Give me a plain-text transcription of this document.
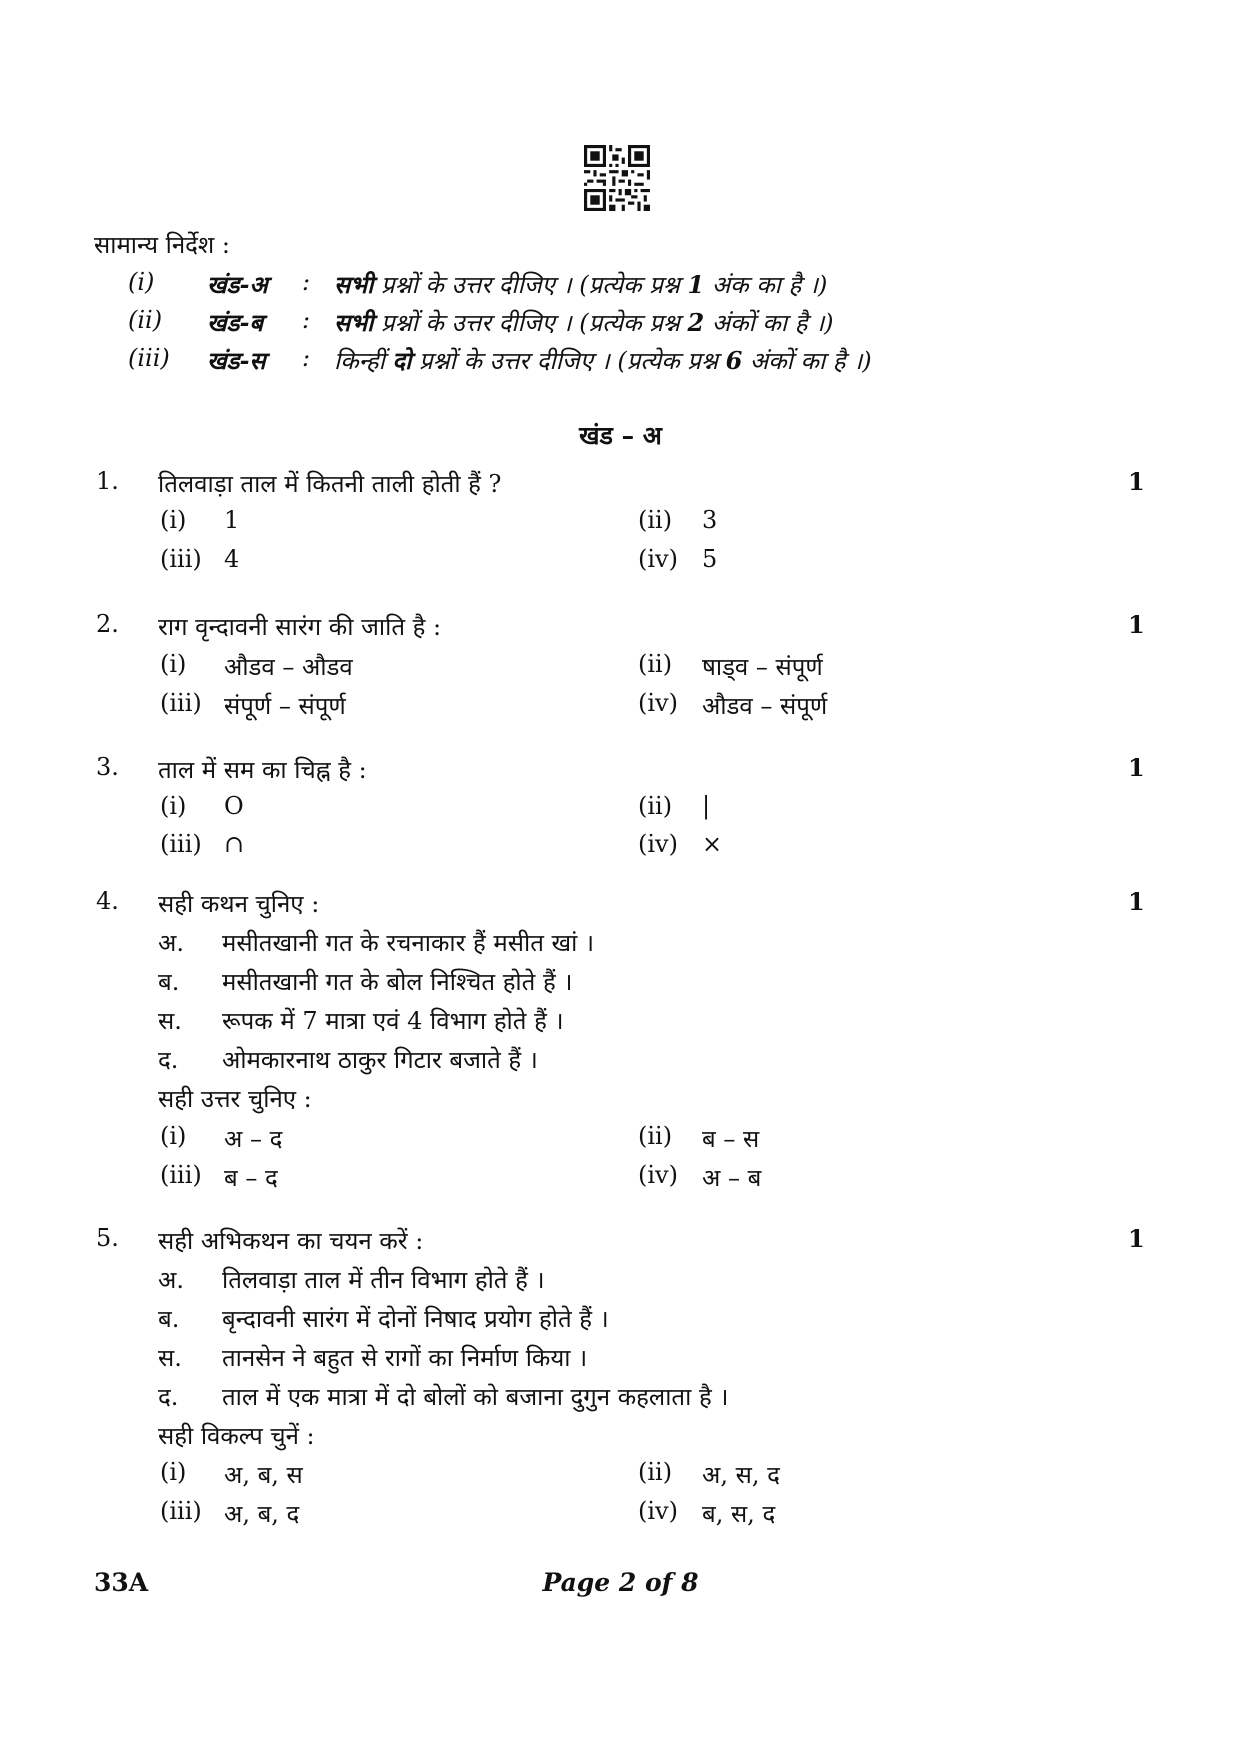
सामान्य निर्देश :
(i) खंड-अ : सभी प्रश्नों के उत्तर दीजिए । (प्रत्येक प्रश्न 1 अंक का है ।)
(ii) खंड-ब : सभी प्रश्नों के उत्तर दीजिए । (प्रत्येक प्रश्न 2 अंकों का है ।)
(iii) खंड-स : किन्हीं दो प्रश्नों के उत्तर दीजिए । (प्रत्येक प्रश्न 6 अंकों का है ।)
खंड – अ
1. तिलवाड़ा ताल में कितनी ताली होती हैं ?	1
(i) 1	(ii) 3
(iii) 4	(iv) 5
2. राग वृन्दावनी सारंग की जाति है :	1
(i) औडव – औडव	(ii) षाड्व – संपूर्ण
(iii) संपूर्ण – संपूर्ण	(iv) औडव – संपूर्ण
3. ताल में सम का चिह्न है :	1
(i) O	(ii) |
(iii) ∩	(iv) ×
4. सही कथन चुनिए :	1
अ. मसीतखानी गत के रचनाकार हैं मसीत खां ।
ब. मसीतखानी गत के बोल निश्चित होते हैं ।
स. रूपक में 7 मात्रा एवं 4 विभाग होते हैं ।
द. ओमकारनाथ ठाकुर गिटार बजाते हैं ।
सही उत्तर चुनिए :
(i) अ – द	(ii) ब – स
(iii) ब – द	(iv) अ – ब
5. सही अभिकथन का चयन करें :	1
अ. तिलवाड़ा ताल में तीन विभाग होते हैं ।
ब. बृन्दावनी सारंग में दोनों निषाद प्रयोग होते हैं ।
स. तानसेन ने बहुत से रागों का निर्माण किया ।
द. ताल में एक मात्रा में दो बोलों को बजाना दुगुन कहलाता है ।
सही विकल्प चुनें :
(i) अ, ब, स	(ii) अ, स, द
(iii) अ, ब, द	(iv) ब, स, द
33A	Page 2 of 8
